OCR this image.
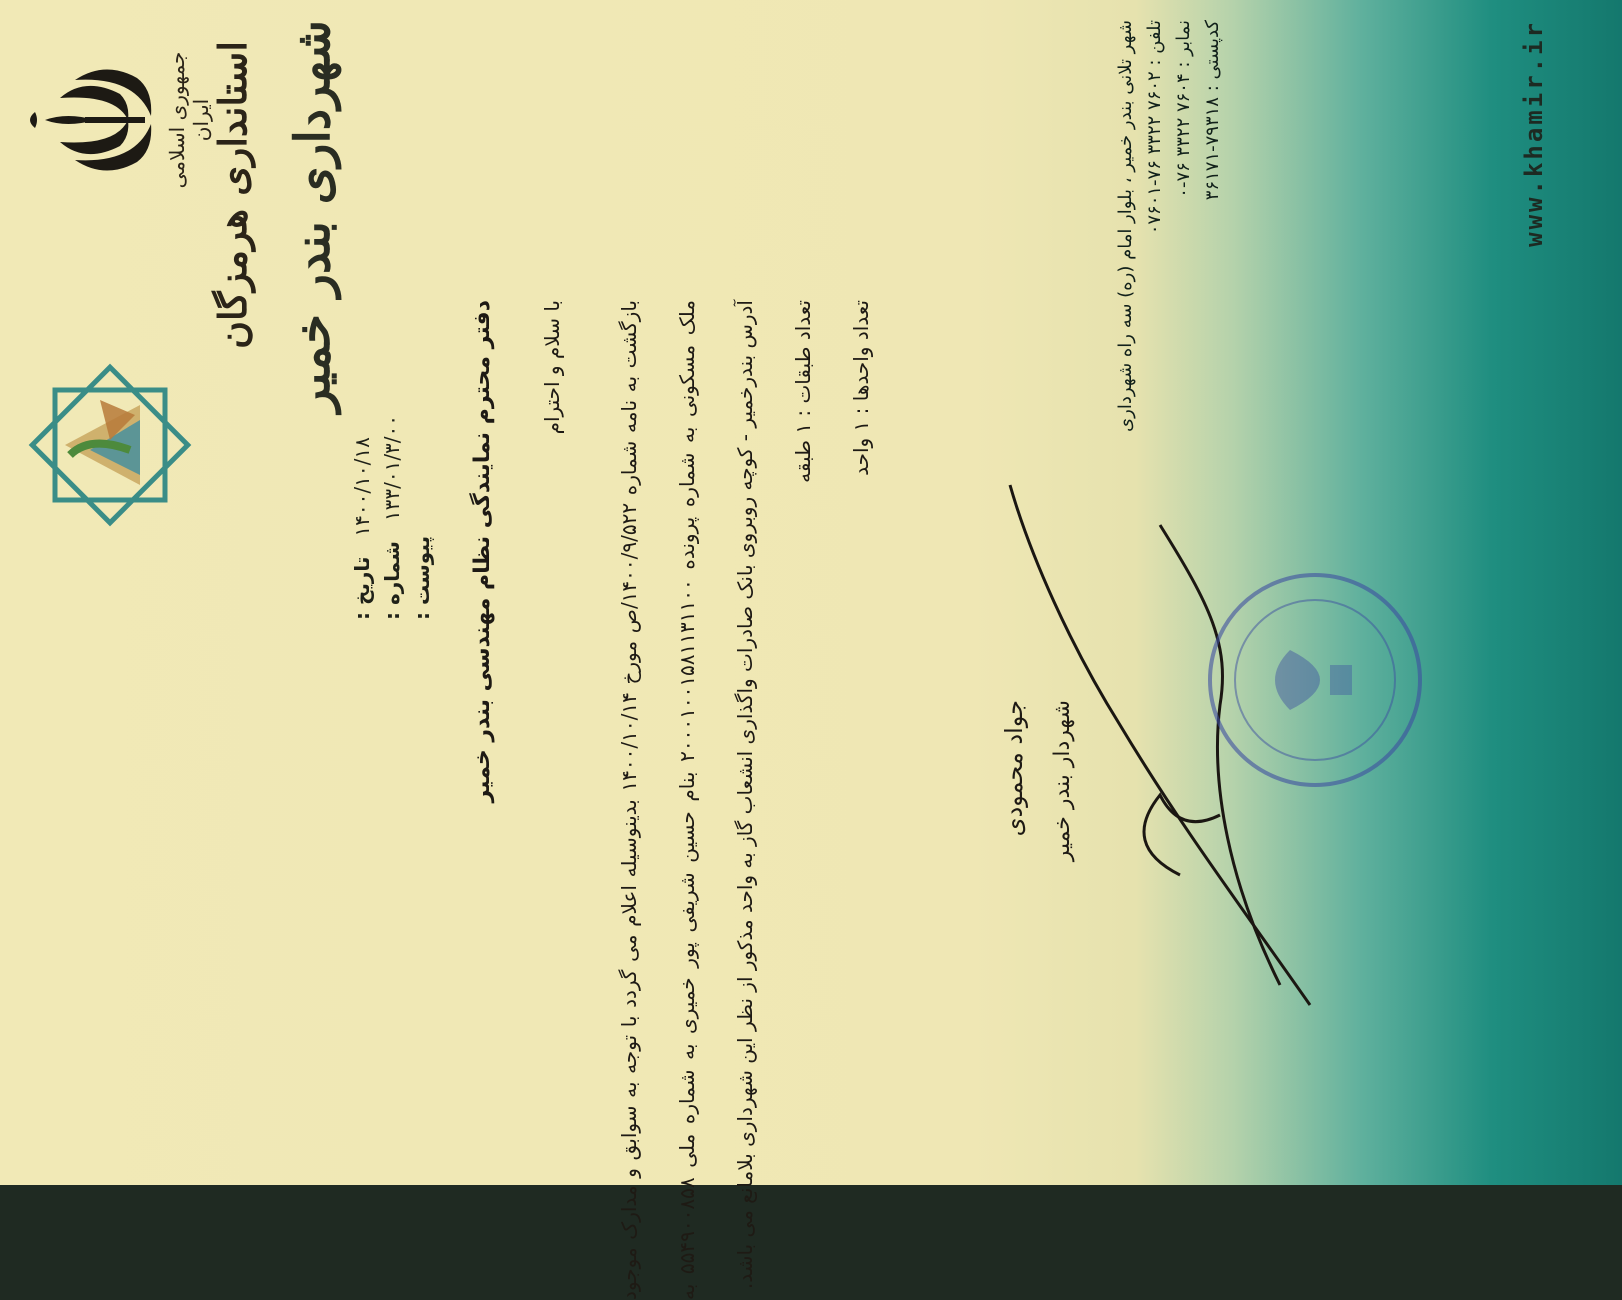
جمهوری اسلامی ایران
استانداری هرمزگان شهرداری بندر خمیر
تاریخ :
۱۴۰۰/۱۰/۱۸
شماره :
۱۳۳/۰۱/۳/۰۰
پیوست : دفتر محترم نمایندگی نظام مهندسی بندر خمیر با سلام و احترام

بازگشت به نامه شماره ۱۴۰۰/۹/۵۲۲/ص مورخ ۱۴۰۰/۱۰/۱۴ بدینوسیله اعلام می گردد با توجه به سوابق و مدارک موجود ملک مسکونی به شماره پرونده ۲۰۰۰۱۰۰۱۵۸۱۱۳۱۱۰۰ بنام حسین شریفی پور خمیری به شماره ملی ۵۵۴۹۰۰۸۵۸ به آدرس بندرخمیر - کوچه روبروی بانک صادرات واگذاری انشعاب گاز به واحد مذکور از نظر این شهرداری بلامانع می باشد.	تعداد طبقات : ۱ طبقه

تعداد واحدها : ۱ واحد

جواد محمودی شهردار بندر خمیر
شهر تلانی بندر خمیر ، بلوار امام (ره) سه راه شهرداری تلفن : ۷۶۰۲ ۳۳۲۲ ۷۶-۰۷۶۰۱
نمابر : ۷۶۰۴ ۳۳۲۲ ۷۶-۰
کدپستی : ۷۹۳۱۸-۳۶۱۷۱	www.khamir.ir
